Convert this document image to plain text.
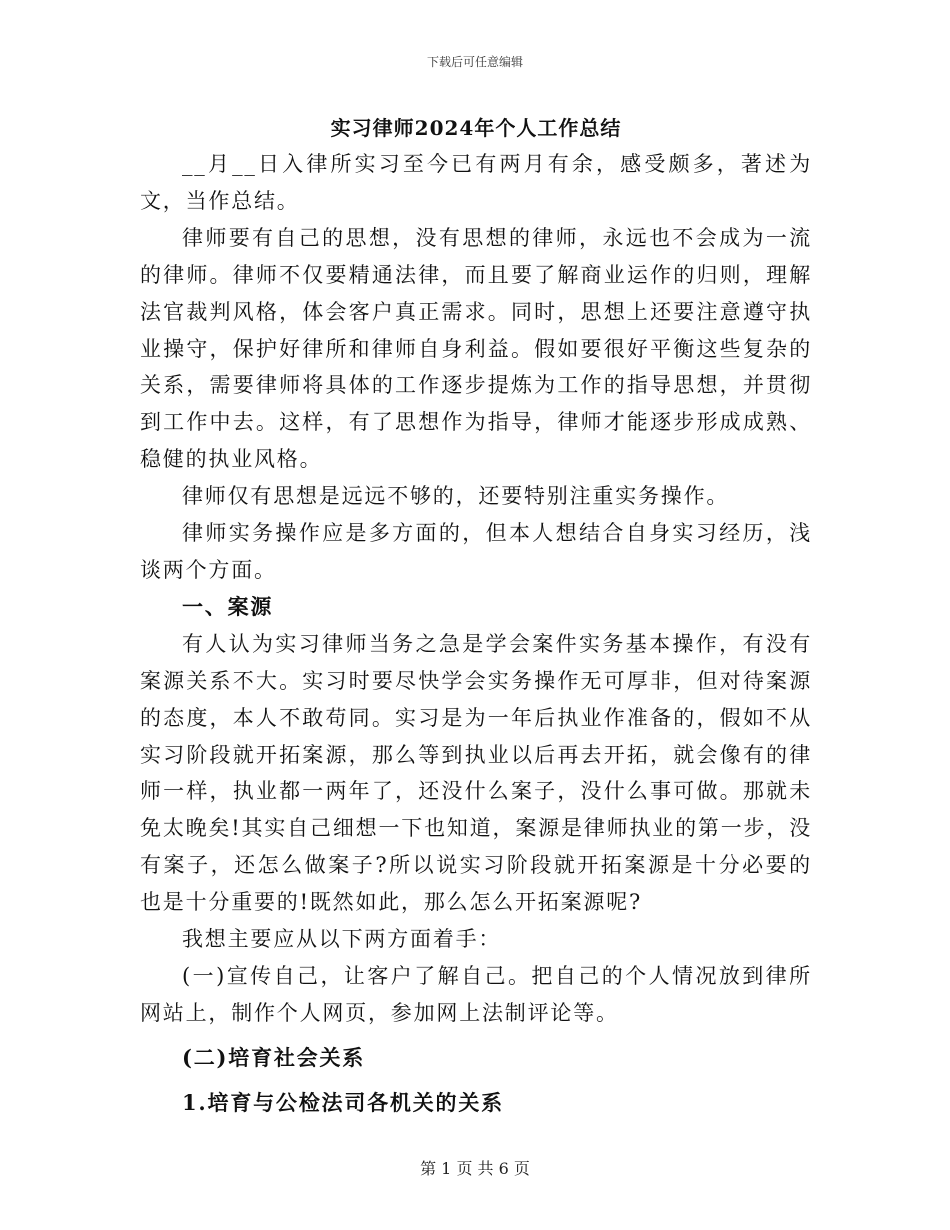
下载后可任意编辑
实习律师2024年个人工作总结

__月__日入律所实习至今已有两月有余，感受颇多，著述为文，当作总结。

律师要有自己的思想，没有思想的律师，永远也不会成为一流的律师。律师不仅要精通法律，而且要了解商业运作的归则，理解法官裁判风格，体会客户真正需求。同时，思想上还要注意遵守执业操守，保护好律所和律师自身利益。假如要很好平衡这些复杂的关系，需要律师将具体的工作逐步提炼为工作的指导思想，并贯彻到工作中去。这样，有了思想作为指导，律师才能逐步形成成熟、稳健的执业风格。

律师仅有思想是远远不够的，还要特别注重实务操作。

律师实务操作应是多方面的，但本人想结合自身实习经历，浅谈两个方面。

一、案源

有人认为实习律师当务之急是学会案件实务基本操作，有没有案源关系不大。实习时要尽快学会实务操作无可厚非，但对待案源的态度，本人不敢苟同。实习是为一年后执业作准备的，假如不从实习阶段就开拓案源，那么等到执业以后再去开拓，就会像有的律师一样，执业都一两年了，还没什么案子，没什么事可做。那就未免太晚矣!其实自己细想一下也知道，案源是律师执业的第一步，没有案子，还怎么做案子?所以说实习阶段就开拓案源是十分必要的也是十分重要的!既然如此，那么怎么开拓案源呢?

我想主要应从以下两方面着手：

(一)宣传自己，让客户了解自己。把自己的个人情况放到律所网站上，制作个人网页，参加网上法制评论等。

(二)培育社会关系

1.培育与公检法司各机关的关系

第 1 页 共 6 页
